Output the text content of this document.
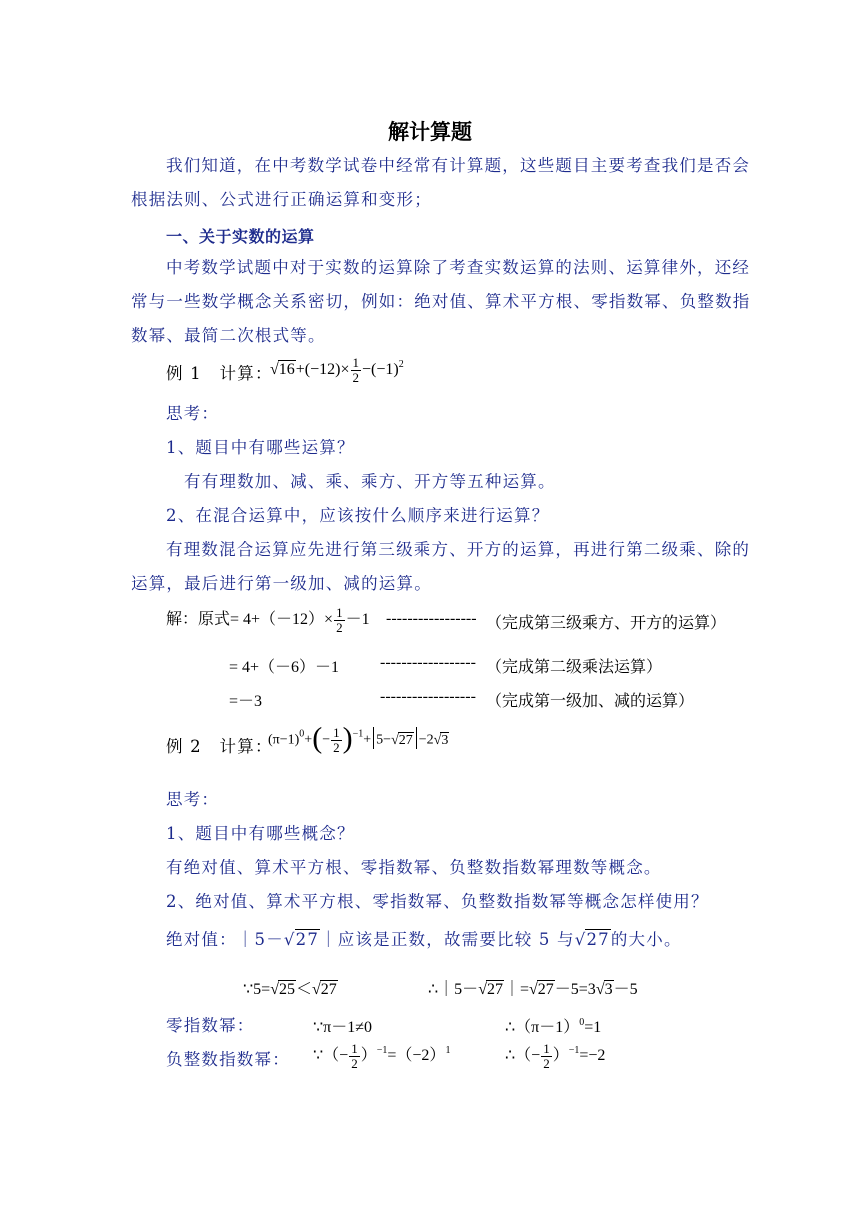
解计算题
我们知道，在中考数学试卷中经常有计算题，这些题目主要考查我们是否会
根据法则、公式进行正确运算和变形；
一、关于实数的运算
中考数学试题中对于实数的运算除了考查实数运算的法则、运算律外，还经
常与一些数学概念关系密切，例如：绝对值、算术平方根、零指数幂、负整数指
数幂、最简二次根式等。
例 1　计算：
$√16+(-12)\times \frac{1}{2} -(-1)^2$
思考：
1、题目中有哪些运算？
有有理数加、减、乘、乘方、开方等五种运算。
2、在混合运算中，应该按什么顺序来进行运算？
有理数混合运算应先进行第三级乘方、开方的运算，再进行第二级乘、除的
运算，最后进行第一级加、减的运算。
解：原式= $4+(-12)\times \frac{1}{2} -1$ ----------------- （完成第三级乘方、开方的运算）
= 4+（－6）－1	------------------ （完成第二级乘法运算）
=－3	------------------ （完成第一级加、减的运算）
例 2　计算：
$(\pi-1)^0+(- \frac{1}{2} )^{-1}+ 5-√27 -2√3$
思考：
1、题目中有哪些概念？
有绝对值、算术平方根、零指数幂、负整数指数幂理数等概念。
2、绝对值、算术平方根、零指数幂、负整数指数幂等概念怎样使用？
绝对值：｜5－√27｜应该是正数，故需要比较 5 与√27的大小。
∵5=√25＜√27	∴｜5－√27｜=√27－5=3√3－5
零指数幂：	∵π－1≠0	$\therefore(\pi-1)^0=1$
负整数指数幂： ∵（− $\frac{1}{2} )^{-1}=(-2)^1$	∴（− $\frac{1}{2} )^{-1}=-2$
